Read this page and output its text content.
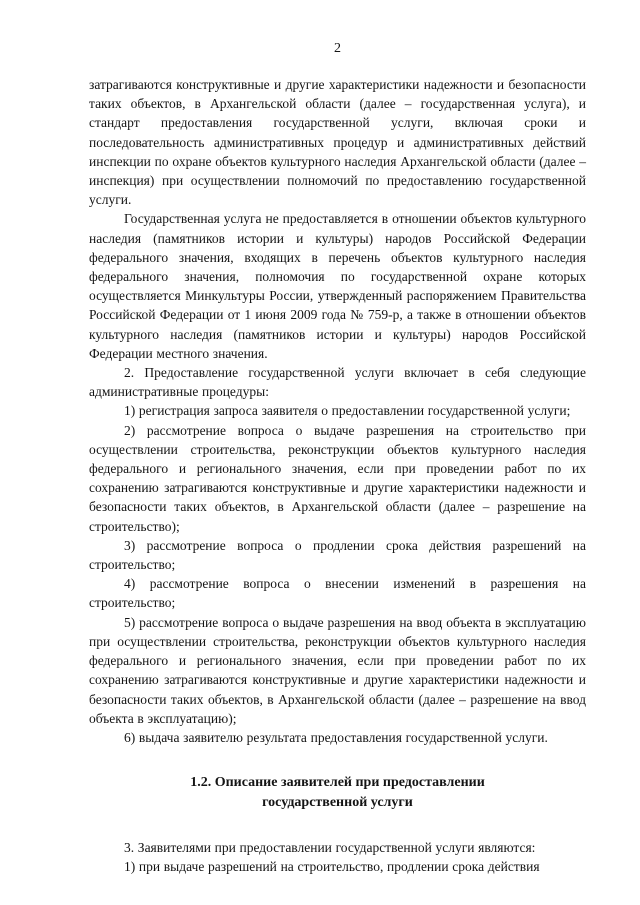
2

затрагиваются конструктивные и другие характеристики надежности и безопасности таких объектов, в Архангельской области (далее – государственная услуга), и стандарт предоставления государственной услуги, включая сроки и последовательность административных процедур и административных действий инспекции по охране объектов культурного наследия Архангельской области (далее – инспекция) при осуществлении полномочий по предоставлению государственной услуги.

Государственная услуга не предоставляется в отношении объектов культурного наследия (памятников истории и культуры) народов Российской Федерации федерального значения, входящих в перечень объектов культурного наследия федерального значения, полномочия по государственной охране которых осуществляется Минкультуры России, утвержденный распоряжением Правительства Российской Федерации от 1 июня 2009 года № 759-р, а также в отношении объектов культурного наследия (памятников истории и культуры) народов Российской Федерации местного значения.

2. Предоставление государственной услуги включает в себя следующие административные процедуры:

1) регистрация запроса заявителя о предоставлении государственной услуги;

2) рассмотрение вопроса о выдаче разрешения на строительство при осуществлении строительства, реконструкции объектов культурного наследия федерального и регионального значения, если при проведении работ по их сохранению затрагиваются конструктивные и другие характеристики надежности и безопасности таких объектов, в Архангельской области (далее – разрешение на строительство);

3) рассмотрение вопроса о продлении срока действия разрешений на строительство;

4) рассмотрение вопроса о внесении изменений в разрешения на строительство;

5) рассмотрение вопроса о выдаче разрешения на ввод объекта в эксплуатацию при осуществлении строительства, реконструкции объектов культурного наследия федерального и регионального значения, если при проведении работ по их сохранению затрагиваются конструктивные и другие характеристики надежности и безопасности таких объектов, в Архангельской области (далее – разрешение на ввод объекта в эксплуатацию);

6) выдача заявителю результата предоставления государственной услуги.

1.2. Описание заявителей при предоставлении
государственной услуги

3. Заявителями при предоставлении государственной услуги являются:

1) при выдаче разрешений на строительство, продлении срока действия
